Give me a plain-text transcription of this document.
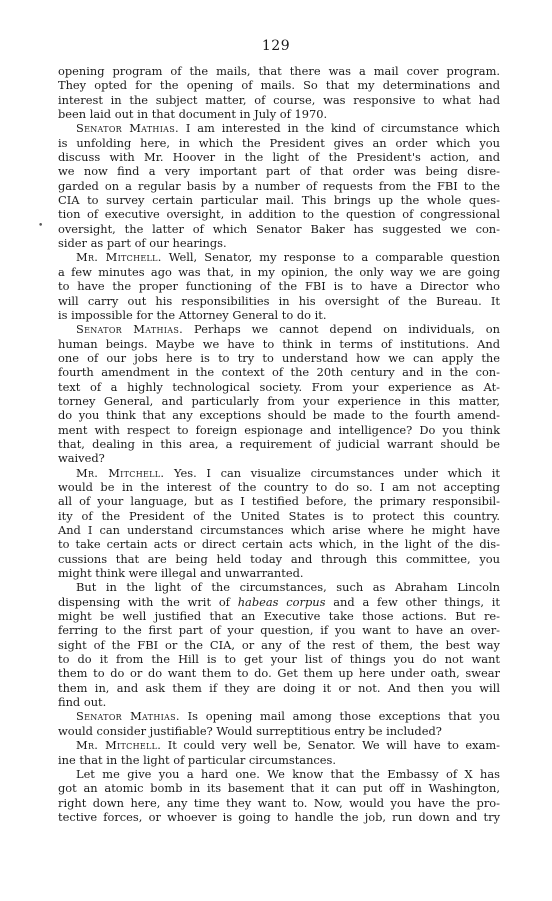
129
•
opening program of the mails, that there was a mail cover program.
They opted for the opening of mails. So that my determinations and
interest in the subject matter, of course, was responsive to what had
been laid out in that document in July of 1970.
Senator Mathias. I am interested in the kind of circumstance which
is unfolding here, in which the President gives an order which you
discuss with Mr. Hoover in the light of the President's action, and
we now find a very important part of that order was being disre-
garded on a regular basis by a number of requests from the FBI to the
CIA to survey certain particular mail. This brings up the whole ques-
tion of executive oversight, in addition to the question of congressional
oversight, the latter of which Senator Baker has suggested we con-
sider as part of our hearings.
Mr. Mitchell. Well, Senator, my response to a comparable question
a few minutes ago was that, in my opinion, the only way we are going
to have the proper functioning of the FBI is to have a Director who
will carry out his responsibilities in his oversight of the Bureau. It
is impossible for the Attorney General to do it.
Senator Mathias. Perhaps we cannot depend on individuals, on
human beings. Maybe we have to think in terms of institutions. And
one of our jobs here is to try to understand how we can apply the
fourth amendment in the context of the 20th century and in the con-
text of a highly technological society. From your experience as At-
torney General, and particularly from your experience in this matter,
do you think that any exceptions should be made to the fourth amend-
ment with respect to foreign espionage and intelligence? Do you think
that, dealing in this area, a requirement of judicial warrant should be
waived?
Mr. Mitchell. Yes. I can visualize circumstances under which it
would be in the interest of the country to do so. I am not accepting
all of your language, but as I testified before, the primary responsibil-
ity of the President of the United States is to protect this country.
And I can understand circumstances which arise where he might have
to take certain acts or direct certain acts which, in the light of the dis-
cussions that are being held today and through this committee, you
might think were illegal and unwarranted.
But in the light of the circumstances, such as Abraham Lincoln
dispensing with the writ of habeas corpus and a few other things, it
might be well justified that an Executive take those actions. But re-
ferring to the first part of your question, if you want to have an over-
sight of the FBI or the CIA, or any of the rest of them, the best way
to do it from the Hill is to get your list of things you do not want
them to do or do want them to do. Get them up here under oath, swear
them in, and ask them if they are doing it or not. And then you will
find out.
Senator Mathias. Is opening mail among those exceptions that you
would consider justifiable? Would surreptitious entry be included?
Mr. Mitchell. It could very well be, Senator. We will have to exam-
ine that in the light of particular circumstances.
Let me give you a hard one. We know that the Embassy of X has
got an atomic bomb in its basement that it can put off in Washington,
right down here, any time they want to. Now, would you have the pro-
tective forces, or whoever is going to handle the job, run down and try
